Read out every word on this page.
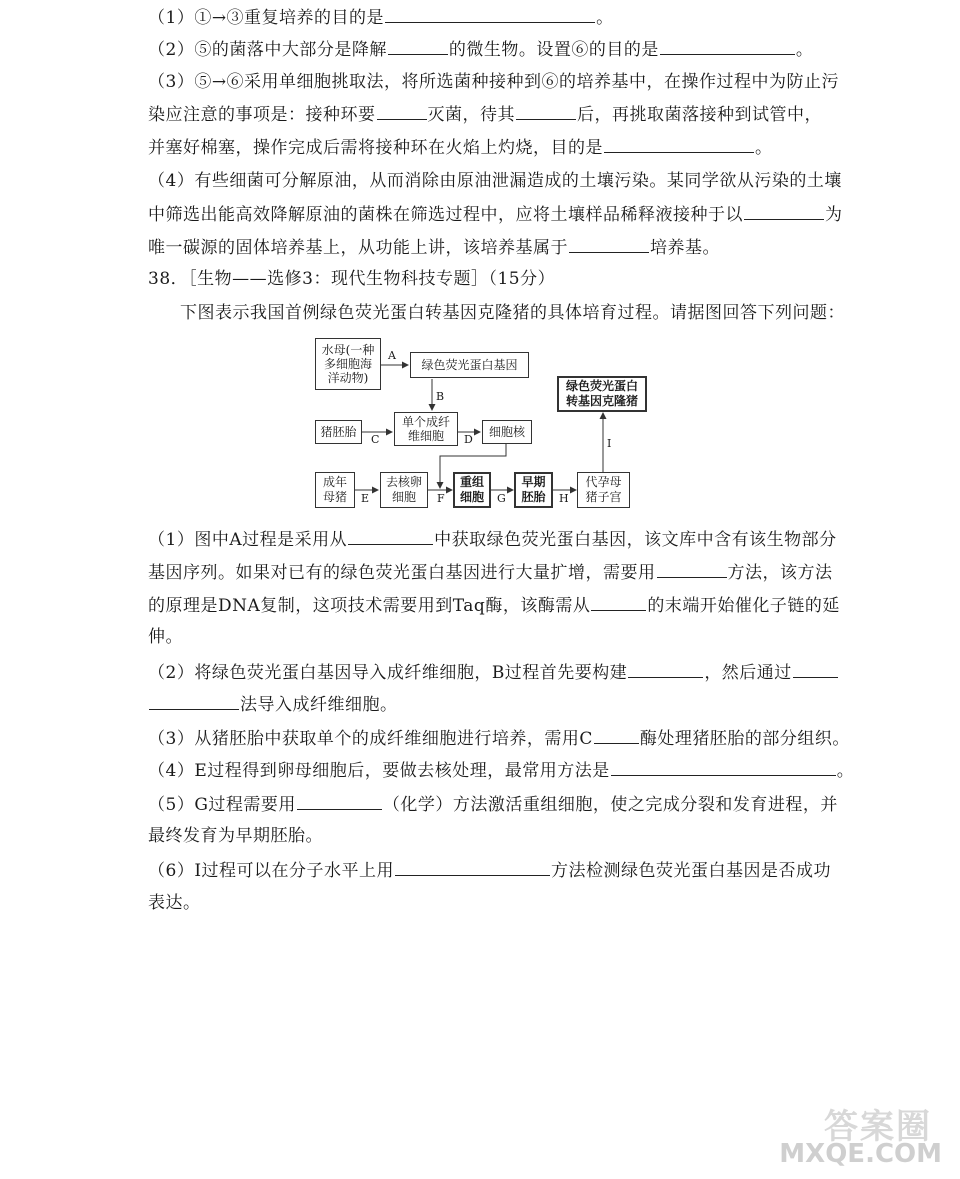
（1）①→③重复培养的目的是	。
（2）⑤的菌落中大部分是降解	的微生物。设置⑥的目的是	。
（3）⑤→⑥采用单细胞挑取法，将所选菌种接种到⑥的培养基中，在操作过程中为防止污
染应注意的事项是：接种环要	灭菌，待其	后，再挑取菌落接种到试管中，
并塞好棉塞，操作完成后需将接种环在火焰上灼烧，目的是	。
（4）有些细菌可分解原油，从而消除由原油泄漏造成的土壤污染。某同学欲从污染的土壤
中筛选出能高效降解原油的菌株在筛选过程中，应将土壤样品稀释液接种于以	为
唯一碳源的固体培养基上，从功能上讲，该培养基属于	培养基。
38．［生物——选修3：现代生物科技专题］（15分）
下图表示我国首例绿色荧光蛋白转基因克隆猪的具体培育过程。请据图回答下列问题：
（1）图中A过程是采用从	中获取绿色荧光蛋白基因，该文库中含有该生物部分
基因序列。如果对已有的绿色荧光蛋白基因进行大量扩增，需要用	方法，该方法
的原理是DNA复制，这项技术需要用到Taq酶，该酶需从	的末端开始催化子链的延
伸。
（2）将绿色荧光蛋白基因导入成纤维细胞，B过程首先要构建	，然后通过
法导入成纤维细胞。
（3）从猪胚胎中获取单个的成纤维细胞进行培养，需用C	酶处理猪胚胎的部分组织。
（4）E过程得到卵母细胞后，要做去核处理，最常用方法是	。
（5）G过程需要用	（化学）方法激活重组细胞，使之完成分裂和发育进程，并
最终发育为早期胚胎。
（6）I过程可以在分子水平上用	方法检测绿色荧光蛋白基因是否成功
表达。
水母(一种多细胞海洋动物)
绿色荧光蛋白基因
猪胚胎
单个成纤维细胞	细胞核
绿色荧光蛋白转基因克隆猪
成年母猪
去核卵细胞
重组细胞
早期胚胎
代孕母猪子宫
A
B
C	D
E	F	G	H
I
答案圈
MXQE.COM
